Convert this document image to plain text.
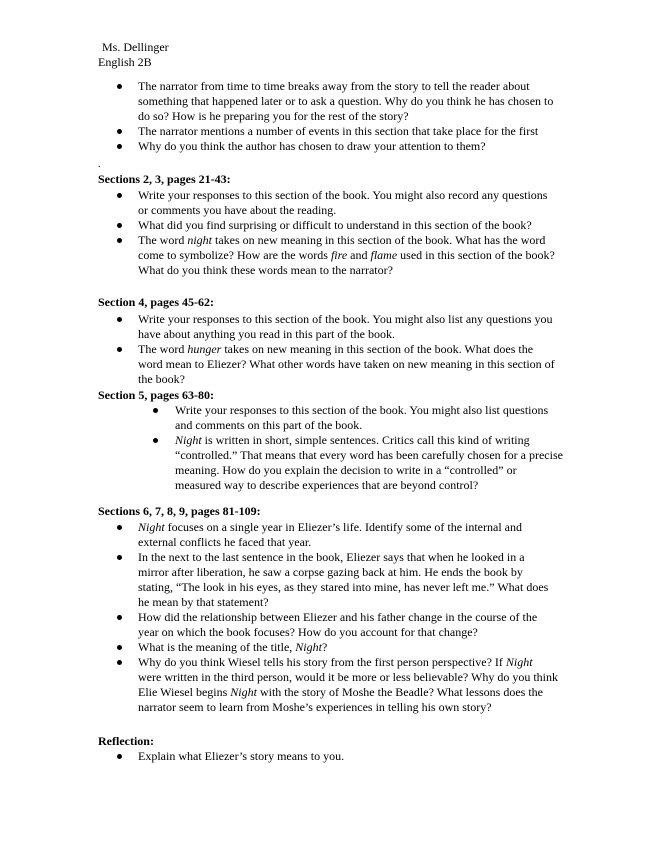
Ms. Dellinger
English 2B
The narrator from time to time breaks away from the story to tell the reader about something that happened later or to ask a question. Why do you think he has chosen to do so? How is he preparing you for the rest of the story?
The narrator mentions a number of events in this section that take place for the first
Why do you think the author has chosen to draw your attention to them?
.
Sections 2, 3, pages 21-43:
Write your responses to this section of the book. You might also record any questions or comments you have about the reading.
What did you find surprising or difficult to understand in this section of the book?
The word night takes on new meaning in this section of the book. What has the word come to symbolize? How are the words fire and flame used in this section of the book? What do you think these words mean to the narrator?
Section 4, pages 45-62:
Write your responses to this section of the book. You might also list any questions you have about anything you read in this part of the book.
The word hunger takes on new meaning in this section of the book. What does the word mean to Eliezer? What other words have taken on new meaning in this section of the book?
Section 5, pages 63-80:
Write your responses to this section of the book. You might also list questions and comments on this part of the book.
Night is written in short, simple sentences. Critics call this kind of writing “controlled.” That means that every word has been carefully chosen for a precise meaning. How do you explain the decision to write in a “controlled” or measured way to describe experiences that are beyond control?
Sections 6, 7, 8, 9, pages 81-109:
Night focuses on a single year in Eliezer’s life. Identify some of the internal and external conflicts he faced that year.
In the next to the last sentence in the book, Eliezer says that when he looked in a mirror after liberation, he saw a corpse gazing back at him. He ends the book by stating, “The look in his eyes, as they stared into mine, has never left me.” What does he mean by that statement?
How did the relationship between Eliezer and his father change in the course of the year on which the book focuses? How do you account for that change?
What is the meaning of the title, Night?
Why do you think Wiesel tells his story from the first person perspective? If Night were written in the third person, would it be more or less believable? Why do you think Elie Wiesel begins Night with the story of Moshe the Beadle? What lessons does the narrator seem to learn from Moshe’s experiences in telling his own story?
Reflection:
Explain what Eliezer’s story means to you.
